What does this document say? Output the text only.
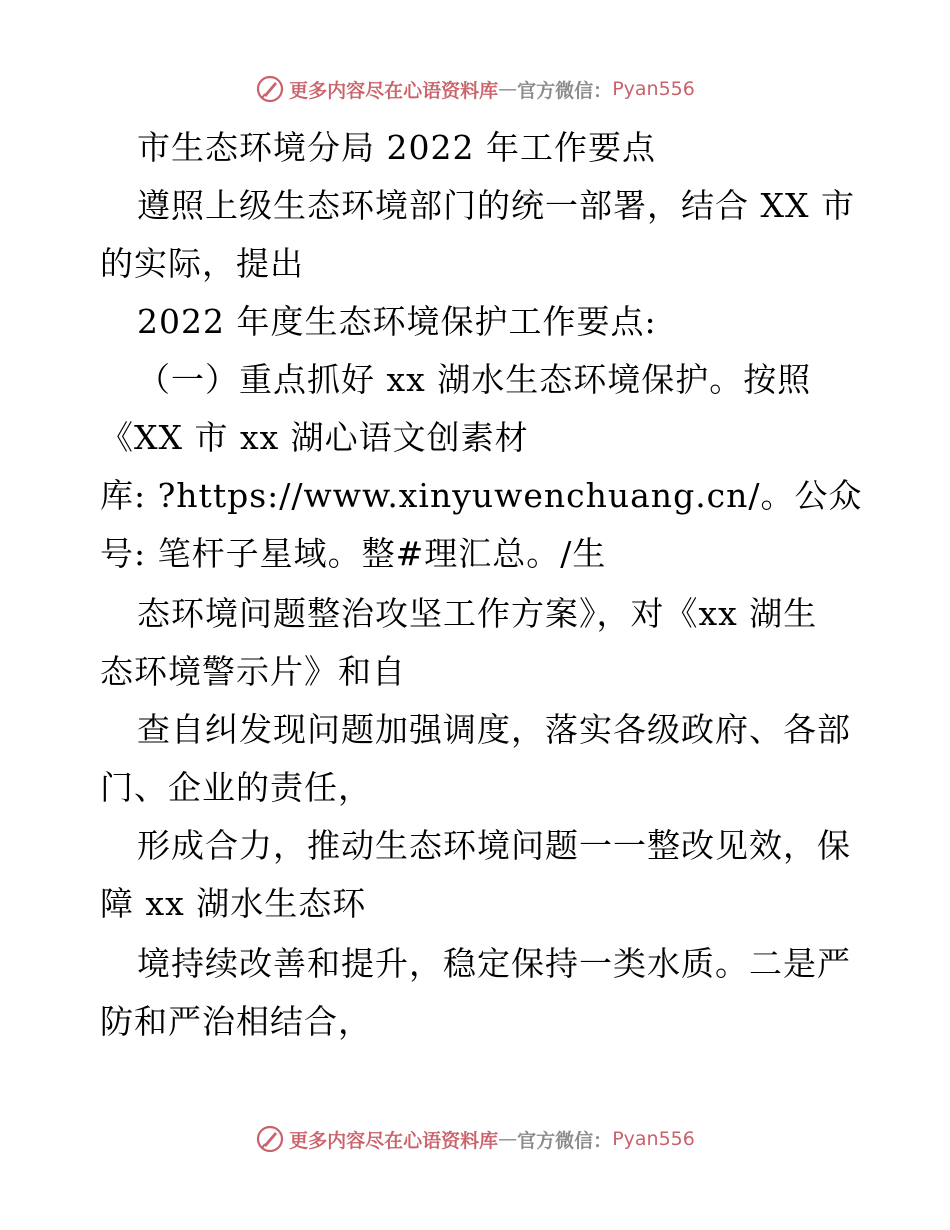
更多内容尽在心语资料库 — 官方微信： Pyan556
市生态环境分局 2022 年工作要点
遵照上级生态环境部门的统一部署，结合 XX 市
的实际，提出
2022 年度生态环境保护工作要点:
（一）重点抓好 xx 湖水生态环境保护。按照
《XX 市 xx 湖心语文创素材
库: ?https://www.xinyuwenchuang.cn/。公众
号: 笔杆子星域。整#理汇总。/生
态环境问题整治攻坚工作方案》，对《xx 湖生
态环境警示片》和自
查自纠发现问题加强调度，落实各级政府、各部
门、企业的责任，
形成合力，推动生态环境问题一一整改见效，保
障 xx 湖水生态环
境持续改善和提升，稳定保持一类水质。二是严
防和严治相结合，
更多内容尽在心语资料库 — 官方微信： Pyan556
